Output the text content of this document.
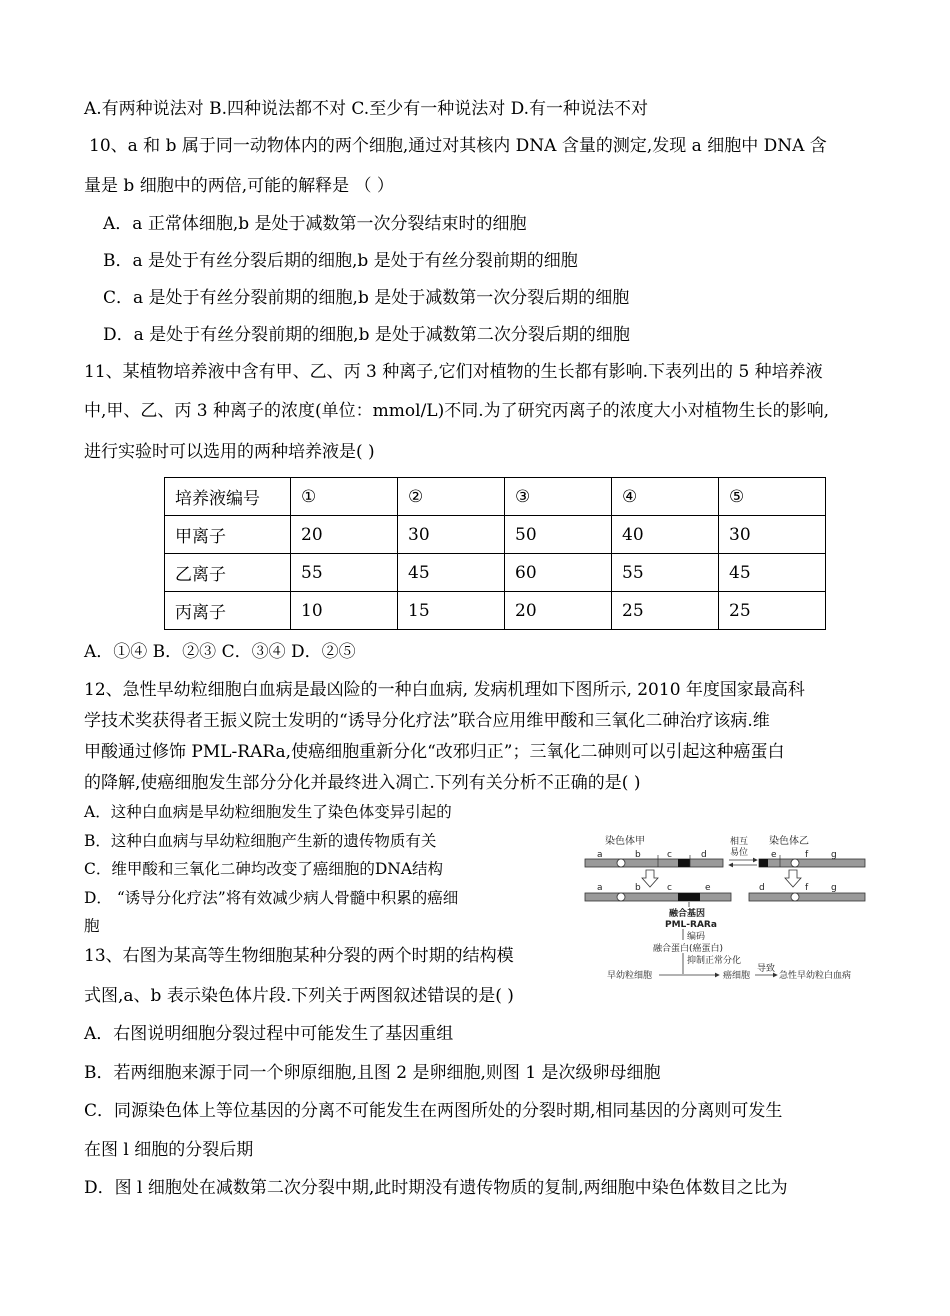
A.有两种说法对 B.四种说法都不对 C.至少有一种说法对 D.有一种说法不对
10、a 和 b 属于同一动物体内的两个细胞,通过对其核内 DNA 含量的测定,发现 a 细胞中 DNA 含
量是 b 细胞中的两倍,可能的解释是 （ ）
A．a 正常体细胞,b 是处于减数第一次分裂结束时的细胞
B．a 是处于有丝分裂后期的细胞,b 是处于有丝分裂前期的细胞
C．a 是处于有丝分裂前期的细胞,b 是处于减数第一次分裂后期的细胞
D．a 是处于有丝分裂前期的细胞,b 是处于减数第二次分裂后期的细胞
11、某植物培养液中含有甲、乙、丙 3 种离子,它们对植物的生长都有影响.下表列出的 5 种培养液
中,甲、乙、丙 3 种离子的浓度(单位：mmol/L)不同.为了研究丙离子的浓度大小对植物生长的影响,
进行实验时可以选用的两种培养液是( )
培养液编号	①	②	③	④	⑤
甲离子	20	30	50	40	30
乙离子	55	45	60	55	45
丙离子	10	15	20	25	25
A．①④ B．②③ C．③④ D．②⑤
12、急性早幼粒细胞白血病是最凶险的一种白血病, 发病机理如下图所示, 2010 年度国家最高科
学技术奖获得者王振义院士发明的“诱导分化疗法”联合应用维甲酸和三氧化二砷治疗该病.维
甲酸通过修饰 PML-RARa,使癌细胞重新分化“改邪归正”；三氧化二砷则可以引起这种癌蛋白
的降解,使癌细胞发生部分分化并最终进入凋亡.下列有关分析不正确的是( )
A．这种白血病是早幼粒细胞发生了染色体变异引起的
B．这种白血病与早幼粒细胞产生新的遗传物质有关
C．维甲酸和三氧化二砷均改变了癌细胞的DNA结构
D． “诱导分化疗法”将有效减少病人骨髓中积累的癌细
胞
染色体甲	染色体乙
相互
易位
a	b	c	d	e	f	g
a	b	c	e	d	f	g
融合基因
PML-RARa
编码
融合蛋白(癌蛋白)
抑制正常分化
早幼粒细胞	癌细胞
导致
急性早幼粒白血病
13、右图为某高等生物细胞某种分裂的两个时期的结构模
式图,a、b 表示染色体片段.下列关于两图叙述错误的是( )
A．右图说明细胞分裂过程中可能发生了基因重组
B．若两细胞来源于同一个卵原细胞,且图 2 是卵细胞,则图 1 是次级卵母细胞
C．同源染色体上等位基因的分离不可能发生在两图所处的分裂时期,相同基因的分离则可发生
在图 l 细胞的分裂后期
D．图 l 细胞处在减数第二次分裂中期,此时期没有遗传物质的复制,两细胞中染色体数目之比为
